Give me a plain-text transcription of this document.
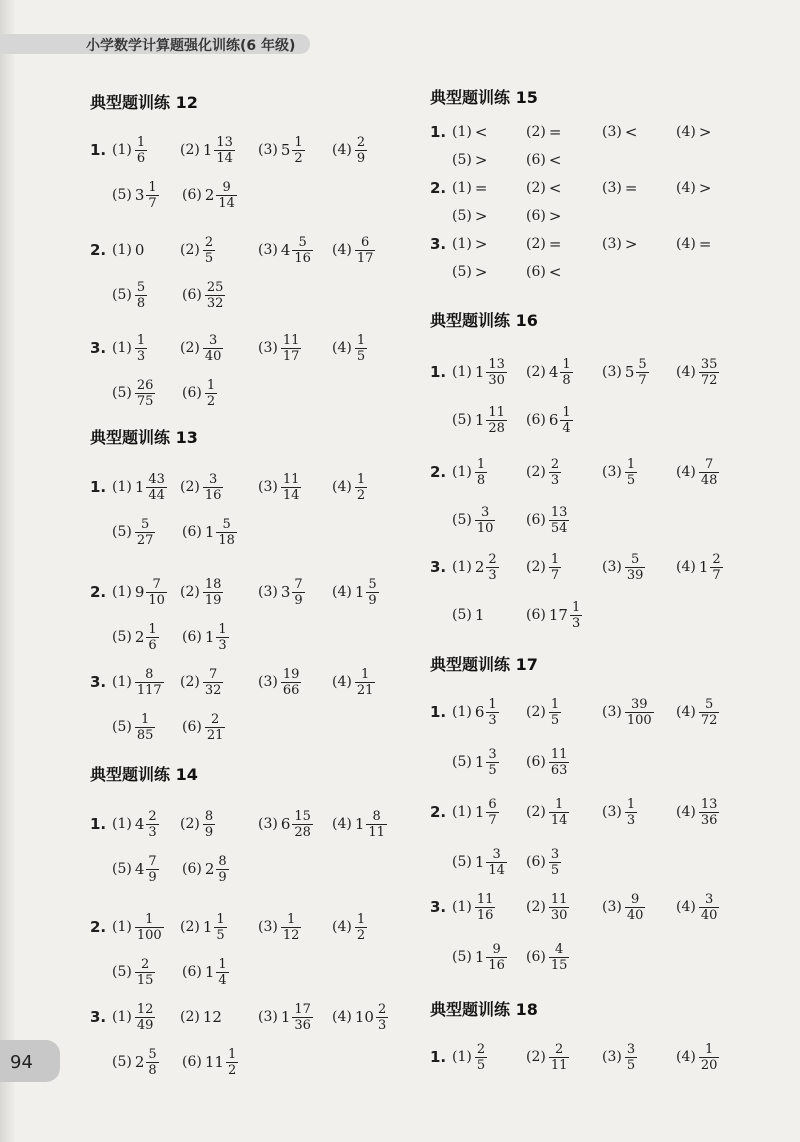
小学数学计算题强化训练(6 年级)
94
典型题训练 12
1. $(1) \frac{1}{6} (2)$ $1 \frac{13}{14} (3)$ $5 \frac{1}{2} (4) \frac{2}{9}$
(5) $3 \frac{1}{7} (6)$ $2 \frac{9}{14}$
2. (1) 0	$(2) \frac{2}{5}$	(3) $4 \frac{5}{16} (4) \frac{6}{17}$
$(5) \frac{5}{8} (6) \frac{25}{32}$
3. $(1) \frac{1}{3} (2) \frac{3}{40} (3) \frac{11}{17} (4) \frac{1}{5}$
$(5) \frac{26}{75} (6) \frac{1}{2}$
典型题训练 13
1. (1) $1 \frac{43}{44} (2) \frac{3}{16} (3) \frac{11}{14} (4) \frac{1}{2}$
$(5) \frac{5}{27} (6)$ $1 \frac{5}{18}$
2. (1) $9 \frac{7}{10} (2) \frac{18}{19} (3)$ $3 \frac{7}{9} (4)$ $1 \frac{5}{9}$
(5) $2 \frac{1}{6} (6)$ $1 \frac{1}{3}$
3. $(1) \frac{8}{117} (2) \frac{7}{32} (3) \frac{19}{66} (4) \frac{1}{21}$
$(5) \frac{1}{85} (6) \frac{2}{21}$
典型题训练 14
1. (1) $4 \frac{2}{3} (2) \frac{8}{9}$	(3) $6 \frac{15}{28} (4)$ $1 \frac{8}{11}$
(5) $4 \frac{7}{9} (6)$ $2 \frac{8}{9}$
2. $(1) \frac{1}{100} (2)$ $1 \frac{1}{5} (3) \frac{1}{12} (4) \frac{1}{2}$
$(5) \frac{2}{15} (6)$ $1 \frac{1}{4}$
3. $(1) \frac{12}{49} (2)$ 12	(3) $1 \frac{17}{36} (4)$ $10 \frac{2}{3}$
(5) $2 \frac{5}{8} (6)$ $11 \frac{1}{2}$
典型题训练 15
1. (1) <	(2) =	(3) <	(4) >
(5) >	(6) <
2. (1) =	(2) <	(3) =	(4) >
(5) >	(6) >
3. (1) >	(2) =	(3) >	(4) =
(5) >	(6) <
典型题训练 16
1. (1) $1 \frac{13}{30} (2)$ $4 \frac{1}{8} (3)$ $5 \frac{5}{7} (4) \frac{35}{72}$
(5) $1 \frac{11}{28} (6)$ $6 \frac{1}{4}$
2. $(1) \frac{1}{8}$	$(2) \frac{2}{3}$	$(3) \frac{1}{5}$	$(4) \frac{7}{48}$
$(5) \frac{3}{10} (6) \frac{13}{54}$
3. (1) $2 \frac{2}{3} (2) \frac{1}{7}$	$(3) \frac{5}{39} (4)$ $1 \frac{2}{7}$
(5) 1	(6) $17 \frac{1}{3}$
典型题训练 17
1. (1) $6 \frac{1}{3} (2) \frac{1}{5}$	$(3) \frac{39}{100} (4) \frac{5}{72}$
(5) $1 \frac{3}{5} (6) \frac{11}{63}$
2. (1) $1 \frac{6}{7} (2) \frac{1}{14} (3) \frac{1}{3}$	$(4) \frac{13}{36}$
(5) $1 \frac{3}{14} (6) \frac{3}{5}$
3. $(1) \frac{11}{16} (2) \frac{11}{30} (3) \frac{9}{40} (4) \frac{3}{40}$
(5) $1 \frac{9}{16} (6) \frac{4}{15}$
典型题训练 18
1. $(1) \frac{2}{5}$	$(2) \frac{2}{11} (3) \frac{3}{5}$	$(4) \frac{1}{20}$
